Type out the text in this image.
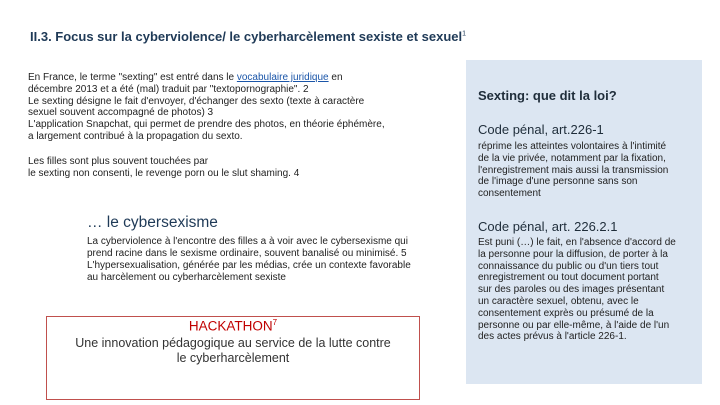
II.3. Focus sur la cyberviolence/ le cyberharcèlement sexiste et sexuel$^1$

En France, le terme "sexting" est entré dans le vocabulaire juridique en

décembre 2013 et a été (mal) traduit par "textopornographie". 2

Le sexting désigne le fait d'envoyer, d'échanger des sexto (texte à caractère

sexuel souvent accompagné de photos) 3

L'application Snapchat, qui permet de prendre des photos, en théorie éphémère,

a largement contribué à la propagation du sexto.

Les filles sont plus souvent touchées par

le sexting non consenti, le revenge porn ou le slut shaming. 4

… le cybersexisme
La cyberviolence à l'encontre des filles a à voir avec le cybersexisme qui
prend racine dans le sexisme ordinaire, souvent banalisé ou minimisé. 5
L'hypersexualisation, générée par les médias, crée un contexte favorable
au harcèlement ou cyberharcèlement sexiste
HACKATHON$^7$
Une innovation pédagogique au service de la lutte contre
le cyberharcèlement
Sexting: que dit la loi?
Code pénal, art.226-1
réprime les atteintes volontaires à l'intimité
de la vie privée, notamment par la fixation,
l'enregistrement mais aussi la transmission
de l'image d'une personne sans son
consentement
Code pénal, art. 226.2.1
Est puni (…) le fait, en l'absence d'accord de
la personne pour la diffusion, de porter à la
connaissance du public ou d'un tiers tout
enregistrement ou tout document portant
sur des paroles ou des images présentant
un caractère sexuel, obtenu, avec le
consentement exprès ou présumé de la
personne ou par elle-même, à l'aide de l'un
des actes prévus à l'article 226-1.
